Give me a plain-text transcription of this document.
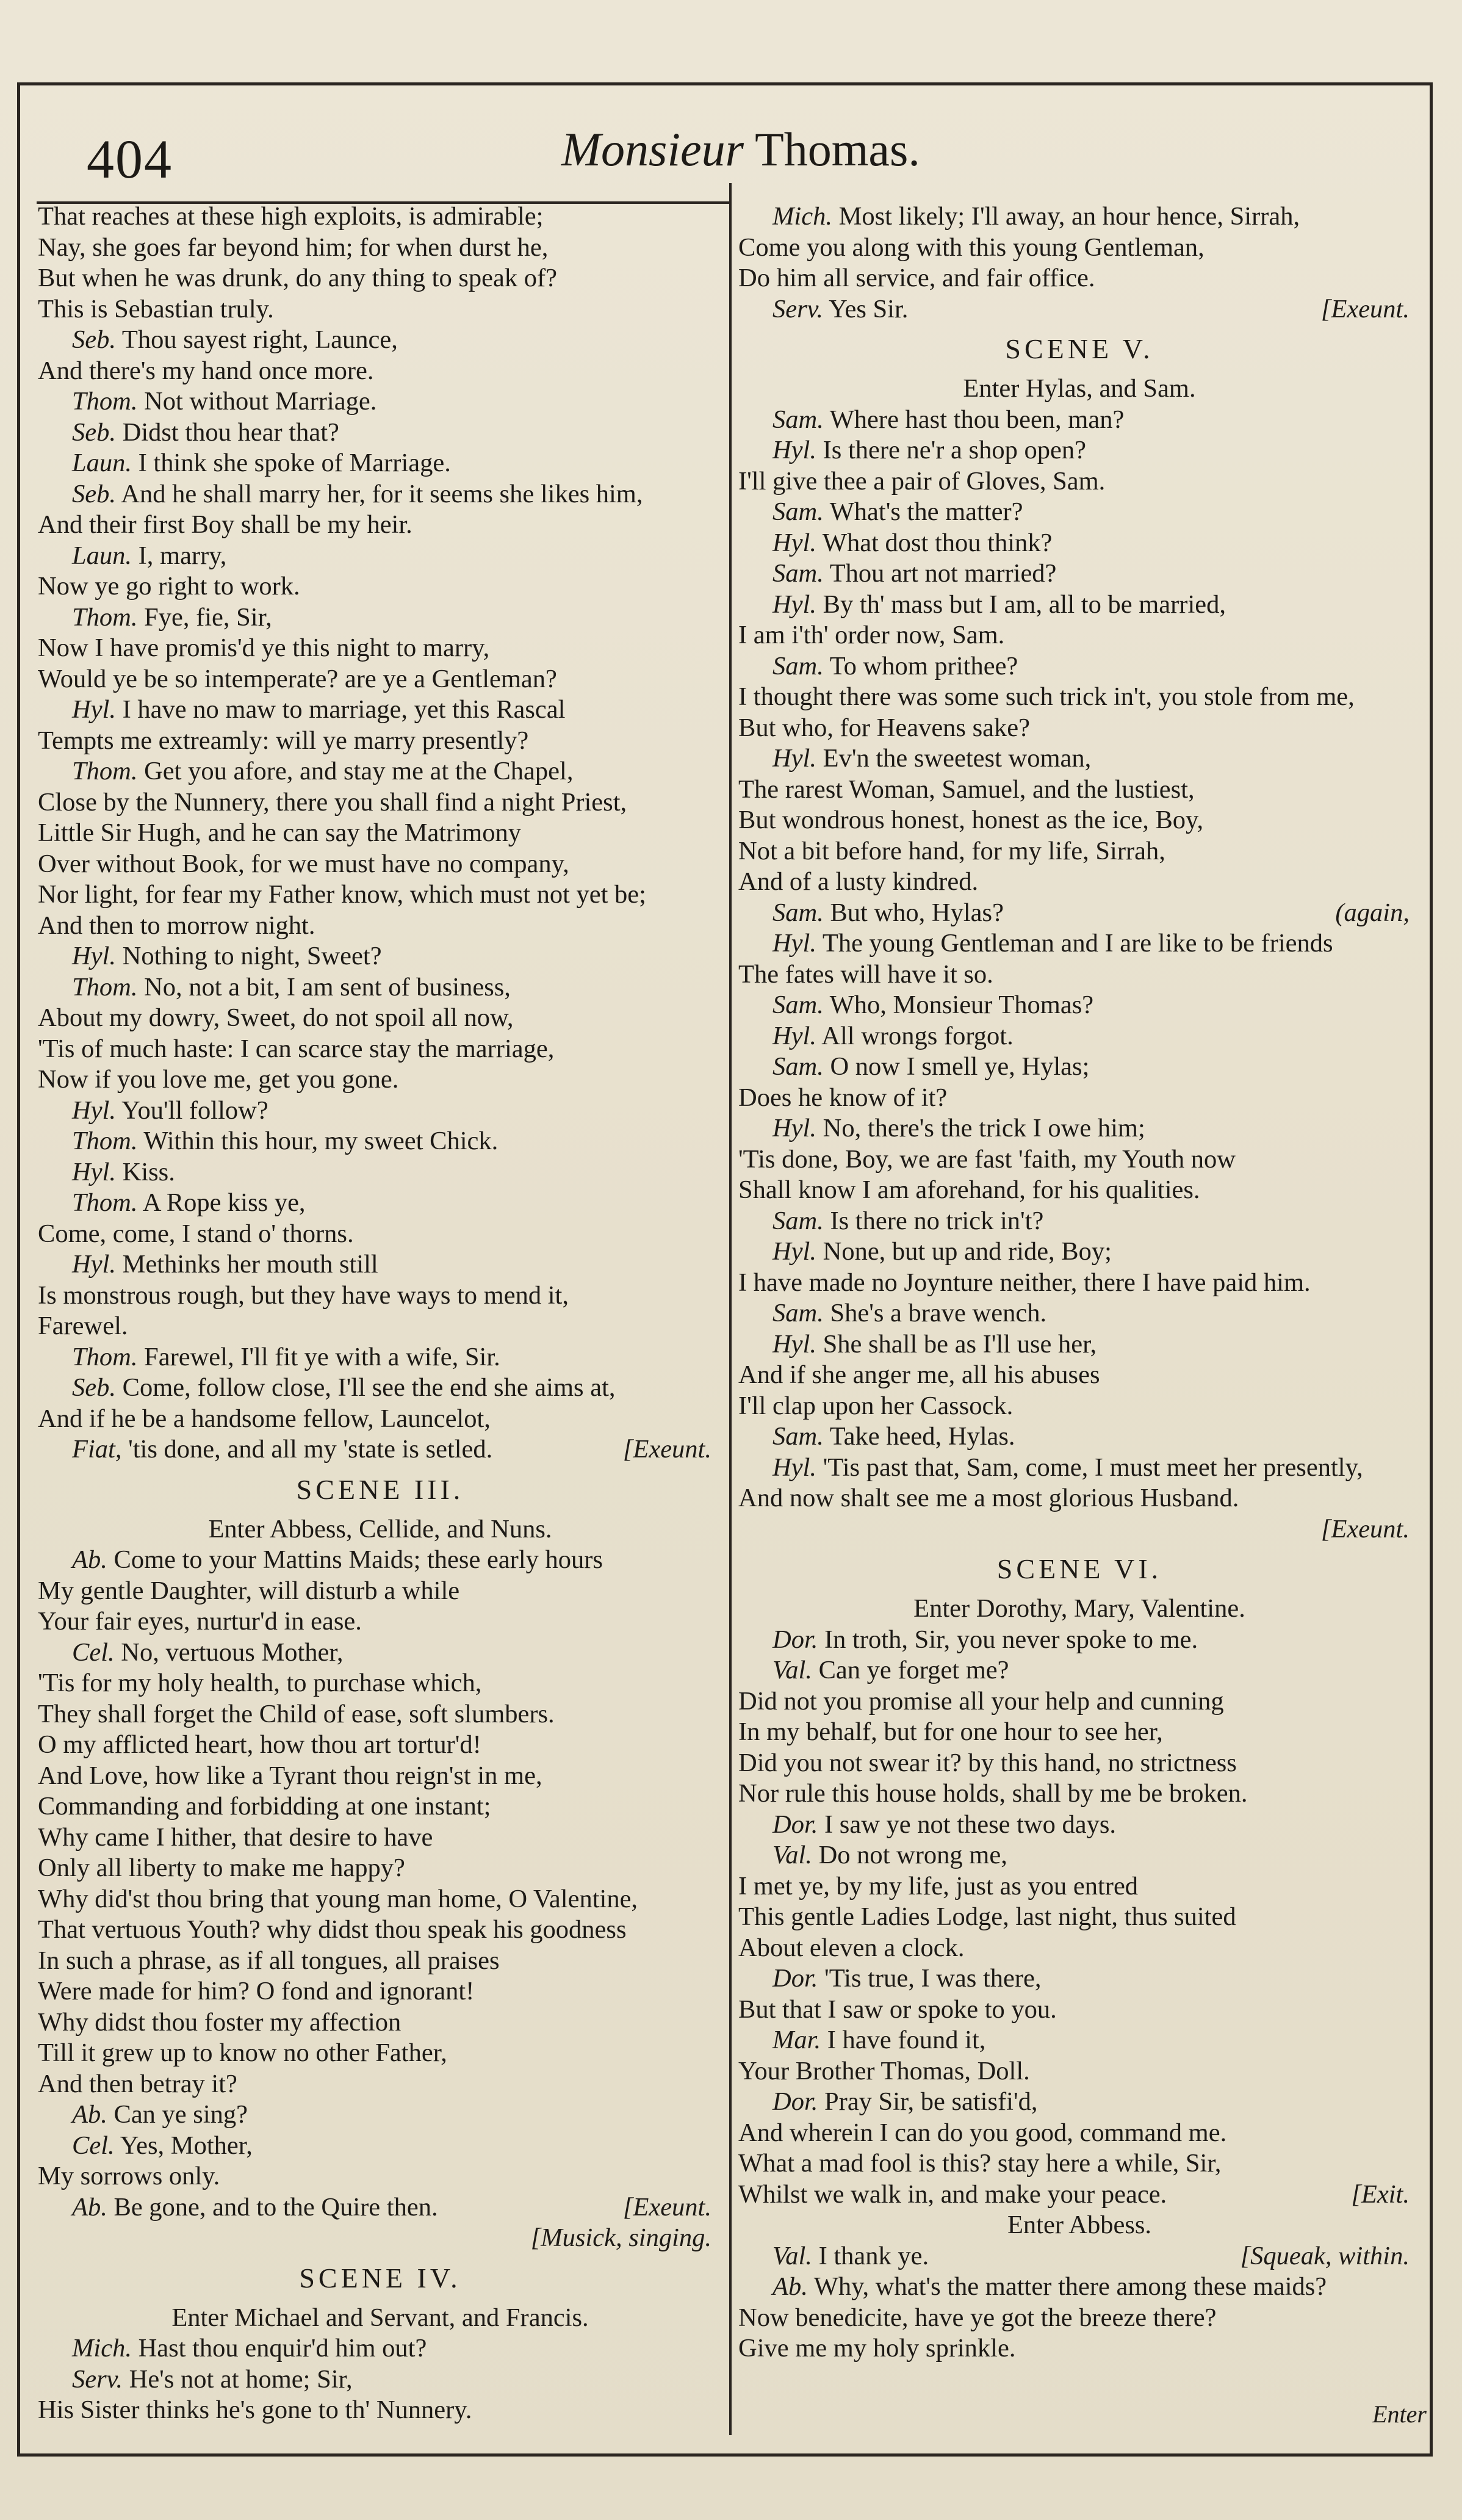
404	Monsieur Thomas.
That reaches at these high exploits, is admirable;
Nay, she goes far beyond him; for when durst he,
But when he was drunk, do any thing to speak of?
This is Sebastian truly.
Seb. Thou sayest right, Launce,
And there's my hand once more.
Thom. Not without Marriage.
Seb. Didst thou hear that?
Laun. I think she spoke of Marriage.
Seb. And he shall marry her, for it seems she likes him,
And their first Boy shall be my heir.
Laun. I, marry,
Now ye go right to work.
Thom. Fye, fie, Sir,
Now I have promis'd ye this night to marry,
Would ye be so intemperate? are ye a Gentleman?
Hyl. I have no maw to marriage, yet this Rascal
Tempts me extreamly: will ye marry presently?
Thom. Get you afore, and stay me at the Chapel,
Close by the Nunnery, there you shall find a night Priest,
Little Sir Hugh, and he can say the Matrimony
Over without Book, for we must have no company,
Nor light, for fear my Father know, which must not yet be;
And then to morrow night.
Hyl. Nothing to night, Sweet?
Thom. No, not a bit, I am sent of business,
About my dowry, Sweet, do not spoil all now,
'Tis of much haste: I can scarce stay the marriage,
Now if you love me, get you gone.
Hyl. You'll follow?
Thom. Within this hour, my sweet Chick.
Hyl. Kiss.
Thom. A Rope kiss ye,
Come, come, I stand o' thorns.
Hyl. Methinks her mouth still
Is monstrous rough, but they have ways to mend it,
Farewel.
Thom. Farewel, I'll fit ye with a wife, Sir.
Seb. Come, follow close, I'll see the end she aims at,
And if he be a handsome fellow, Launcelot,
Fiat, 'tis done, and all my 'state is setled.	[Exeunt.
SCENE III.
Enter Abbess, Cellide, and Nuns.
Ab. Come to your Mattins Maids; these early hours
My gentle Daughter, will disturb a while
Your fair eyes, nurtur'd in ease.
Cel. No, vertuous Mother,
'Tis for my holy health, to purchase which,
They shall forget the Child of ease, soft slumbers.
O my afflicted heart, how thou art tortur'd!
And Love, how like a Tyrant thou reign'st in me,
Commanding and forbidding at one instant;
Why came I hither, that desire to have
Only all liberty to make me happy?
Why did'st thou bring that young man home, O Valentine,
That vertuous Youth? why didst thou speak his goodness
In such a phrase, as if all tongues, all praises
Were made for him? O fond and ignorant!
Why didst thou foster my affection
Till it grew up to know no other Father,
And then betray it?
Ab. Can ye sing?
Cel. Yes, Mother,
My sorrows only.
Ab. Be gone, and to the Quire then.	[Exeunt.
[Musick, singing.
SCENE IV.
Enter Michael and Servant, and Francis.
Mich. Hast thou enquir'd him out?
Serv. He's not at home; Sir,
His Sister thinks he's gone to th' Nunnery.
Mich. Most likely; I'll away, an hour hence, Sirrah,
Come you along with this young Gentleman,
Do him all service, and fair office.
Serv. Yes Sir.	[Exeunt.
SCENE V.
Enter Hylas, and Sam.
Sam. Where hast thou been, man?
Hyl. Is there ne'r a shop open?
I'll give thee a pair of Gloves, Sam.
Sam. What's the matter?
Hyl. What dost thou think?
Sam. Thou art not married?
Hyl. By th' mass but I am, all to be married,
I am i'th' order now, Sam.
Sam. To whom prithee?
I thought there was some such trick in't, you stole from me,
But who, for Heavens sake?
Hyl. Ev'n the sweetest woman,
The rarest Woman, Samuel, and the lustiest,
But wondrous honest, honest as the ice, Boy,
Not a bit before hand, for my life, Sirrah,
And of a lusty kindred.
Sam. But who, Hylas?	(again,
Hyl. The young Gentleman and I are like to be friends
The fates will have it so.
Sam. Who, Monsieur Thomas?
Hyl. All wrongs forgot.
Sam. O now I smell ye, Hylas;
Does he know of it?
Hyl. No, there's the trick I owe him;
'Tis done, Boy, we are fast 'faith, my Youth now
Shall know I am aforehand, for his qualities.
Sam. Is there no trick in't?
Hyl. None, but up and ride, Boy;
I have made no Joynture neither, there I have paid him.
Sam. She's a brave wench.
Hyl. She shall be as I'll use her,
And if she anger me, all his abuses
I'll clap upon her Cassock.
Sam. Take heed, Hylas.
Hyl. 'Tis past that, Sam, come, I must meet her presently,
And now shalt see me a most glorious Husband.
[Exeunt.
SCENE VI.
Enter Dorothy, Mary, Valentine.
Dor. In troth, Sir, you never spoke to me.
Val. Can ye forget me?
Did not you promise all your help and cunning
In my behalf, but for one hour to see her,
Did you not swear it? by this hand, no strictness
Nor rule this house holds, shall by me be broken.
Dor. I saw ye not these two days.
Val. Do not wrong me,
I met ye, by my life, just as you entred
This gentle Ladies Lodge, last night, thus suited
About eleven a clock.
Dor. 'Tis true, I was there,
But that I saw or spoke to you.
Mar. I have found it,
Your Brother Thomas, Doll.
Dor. Pray Sir, be satisfi'd,
And wherein I can do you good, command me.
What a mad fool is this? stay here a while, Sir,
Whilst we walk in, and make your peace.	[Exit.
Enter Abbess.
Val. I thank ye.	[Squeak, within.
Ab. Why, what's the matter there among these maids?
Now benedicite, have ye got the breeze there?
Give me my holy sprinkle.
Enter
